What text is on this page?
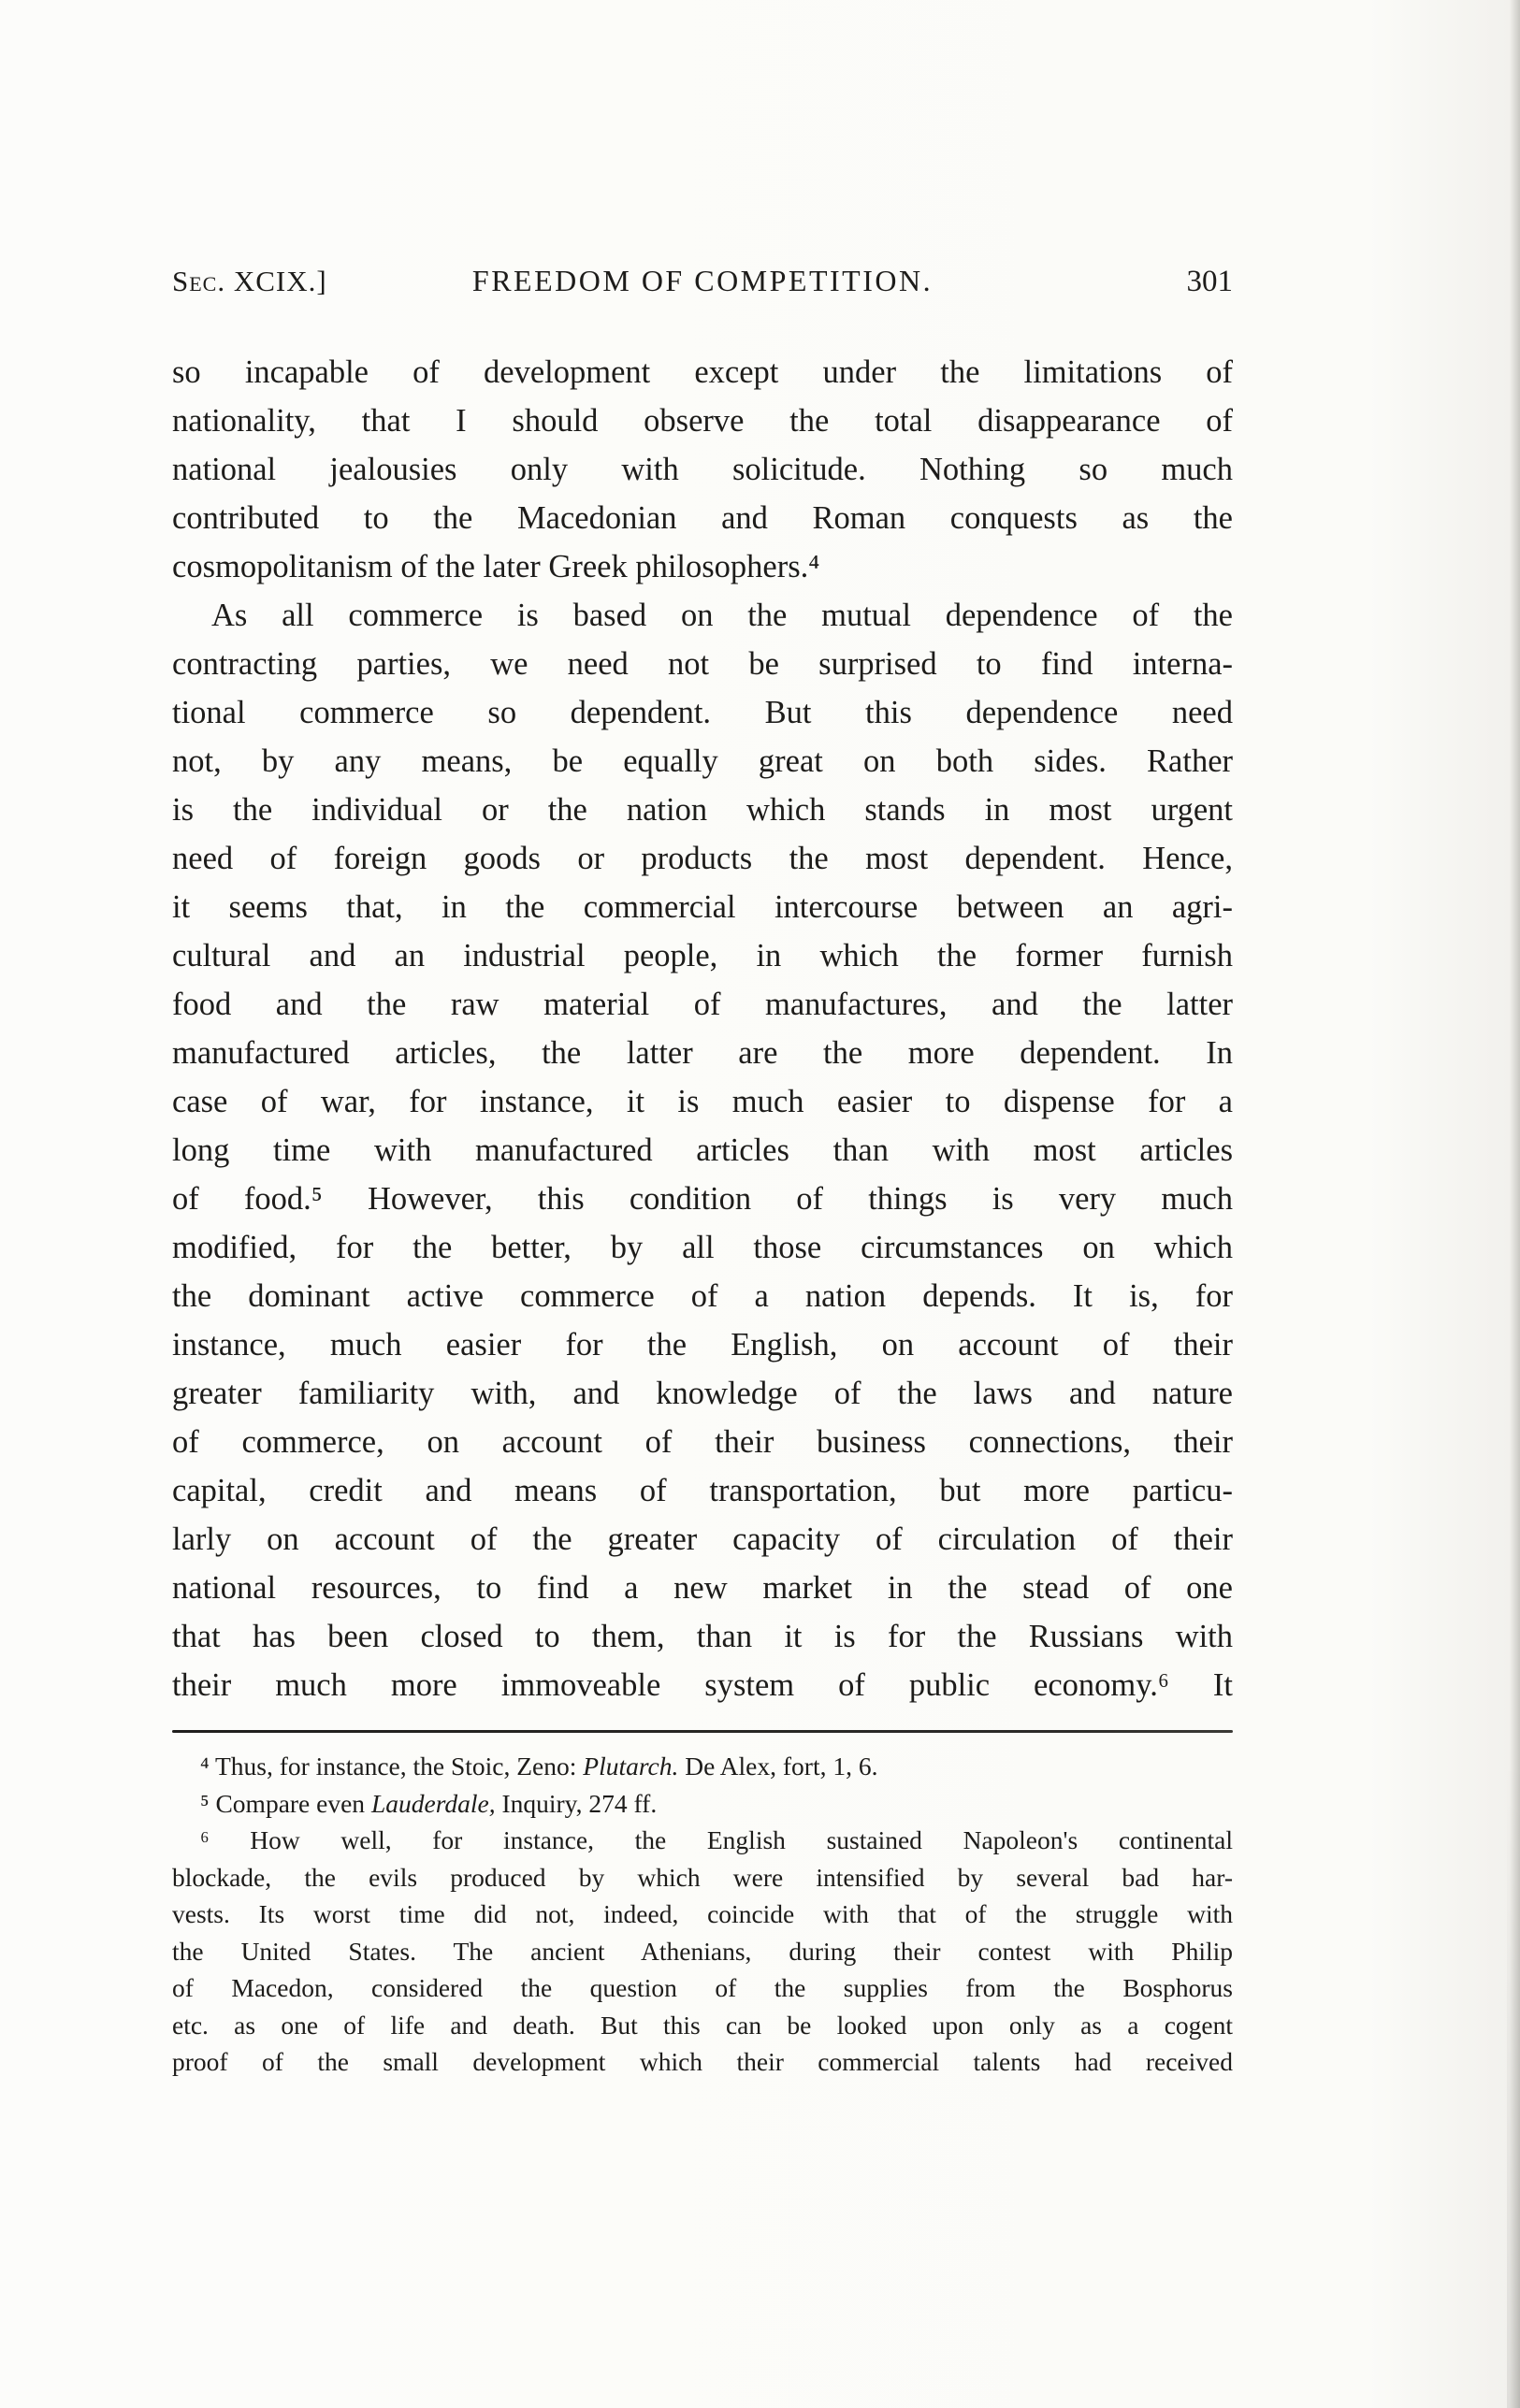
Sec. XCIX.]	FREEDOM OF COMPETITION.	301
so incapable of development except under the limitations of
nationality, that I should observe the total disappearance of
national jealousies only with solicitude. Nothing so much
contributed to the Macedonian and Roman conquests as the
cosmopolitanism of the later Greek philosophers.⁴
As all commerce is based on the mutual dependence of the
contracting parties, we need not be surprised to find interna-
tional commerce so dependent. But this dependence need
not, by any means, be equally great on both sides. Rather
is the individual or the nation which stands in most urgent
need of foreign goods or products the most dependent. Hence,
it seems that, in the commercial intercourse between an agri-
cultural and an industrial people, in which the former furnish
food and the raw material of manufactures, and the latter
manufactured articles, the latter are the more dependent. In
case of war, for instance, it is much easier to dispense for a
long time with manufactured articles than with most articles
of food.⁵ However, this condition of things is very much
modified, for the better, by all those circumstances on which
the dominant active commerce of a nation depends. It is, for
instance, much easier for the English, on account of their
greater familiarity with, and knowledge of the laws and nature
of commerce, on account of their business connections, their
capital, credit and means of transportation, but more particu-
larly on account of the greater capacity of circulation of their
national resources, to find a new market in the stead of one
that has been closed to them, than it is for the Russians with
their much more immoveable system of public economy.⁶ It
⁴ Thus, for instance, the Stoic, Zeno: Plutarch. De Alex, fort, 1, 6.
⁵ Compare even Lauderdale, Inquiry, 274 ff.
⁶ How well, for instance, the English sustained Napoleon's continental
blockade, the evils produced by which were intensified by several bad har-
vests. Its worst time did not, indeed, coincide with that of the struggle with
the United States. The ancient Athenians, during their contest with Philip
of Macedon, considered the question of the supplies from the Bosphorus
etc. as one of life and death. But this can be looked upon only as a cogent
proof of the small development which their commercial talents had received
